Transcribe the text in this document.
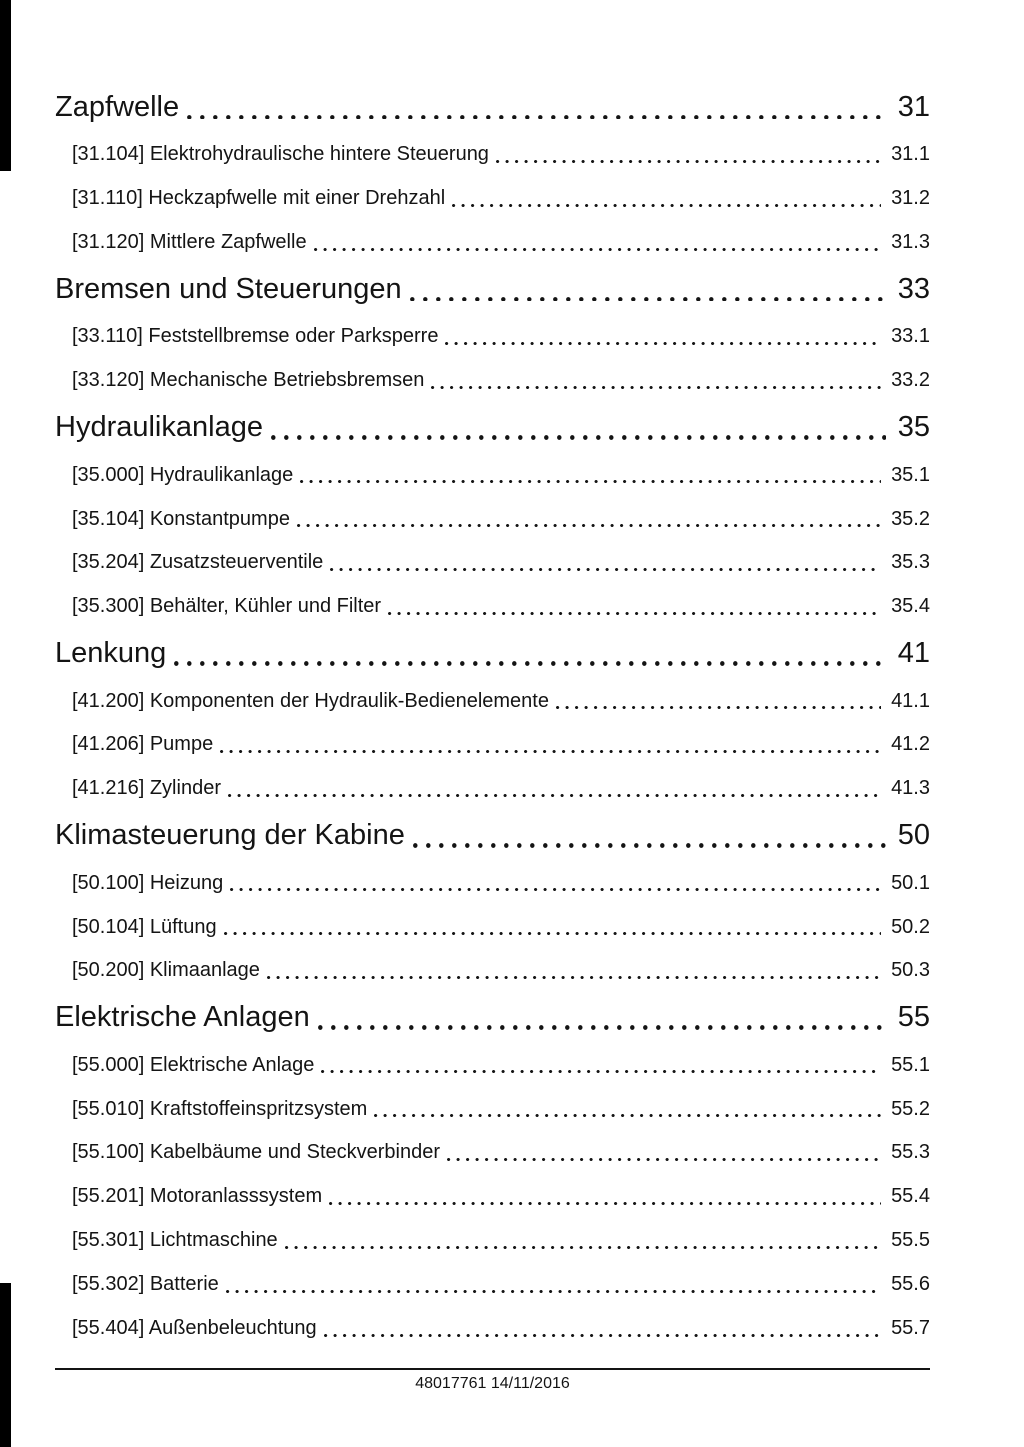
Zapfwelle	31
[31.104] Elektrohydraulische hintere Steuerung	31.1
[31.110] Heckzapfwelle mit einer Drehzahl	31.2
[31.120] Mittlere Zapfwelle	31.3
Bremsen und Steuerungen	33
[33.110] Feststellbremse oder Parksperre	33.1
[33.120] Mechanische Betriebsbremsen	33.2
Hydraulikanlage	35
[35.000] Hydraulikanlage	35.1
[35.104] Konstantpumpe	35.2
[35.204] Zusatzsteuerventile	35.3
[35.300] Behälter, Kühler und Filter	35.4
Lenkung	41
[41.200] Komponenten der Hydraulik-Bedienelemente	41.1
[41.206] Pumpe	41.2
[41.216] Zylinder	41.3
Klimasteuerung der Kabine	50
[50.100] Heizung	50.1
[50.104] Lüftung	50.2
[50.200] Klimaanlage	50.3
Elektrische Anlagen	55
[55.000] Elektrische Anlage	55.1
[55.010] Kraftstoffeinspritzsystem	55.2
[55.100] Kabelbäume und Steckverbinder	55.3
[55.201] Motoranlasssystem	55.4
[55.301] Lichtmaschine	55.5
[55.302] Batterie	55.6
[55.404] Außenbeleuchtung	55.7
48017761 14/11/2016
